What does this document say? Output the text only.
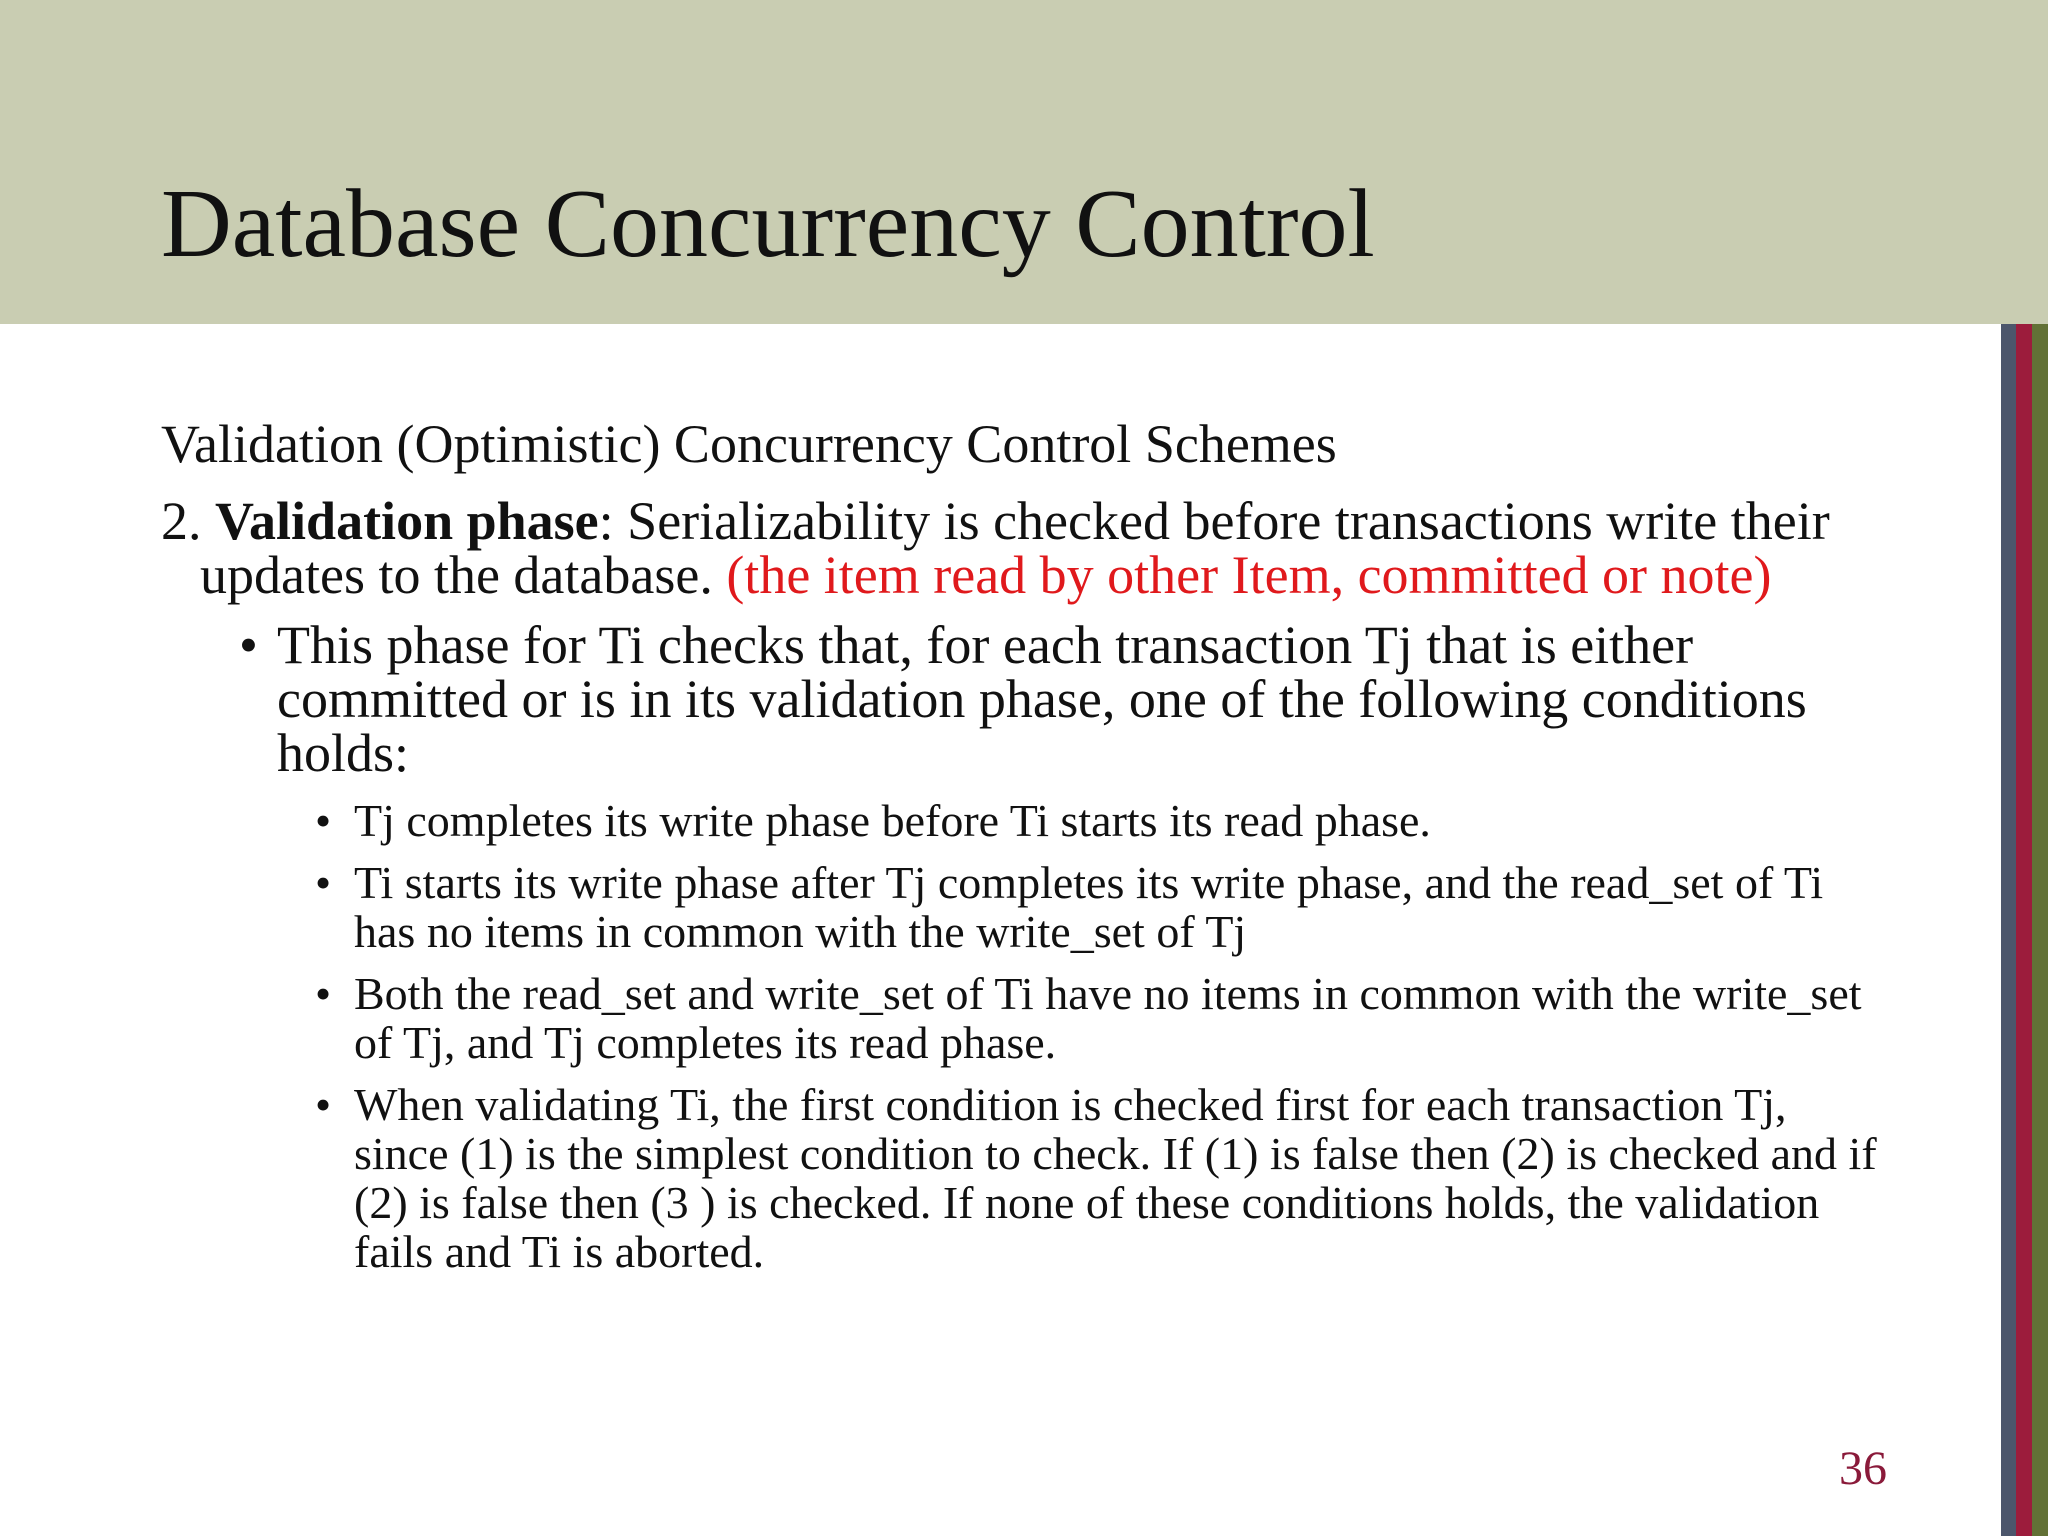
Database Concurrency Control

Validation (Optimistic) Concurrency Control Schemes

2. Validation phase: Serializability is checked before transactions write their updates to the database. (the item read by other Item, committed or note)

• This phase for Ti checks that, for each transaction Tj that is either committed or is in its validation phase, one of the following conditions holds:

• Tj completes its write phase before Ti starts its read phase.

• Ti starts its write phase after Tj completes its write phase, and the read_set of Ti has no items in common with the write_set of Tj

• Both the read_set and write_set of Ti have no items in common with the write_set of Tj, and Tj completes its read phase.

• When validating Ti, the first condition is checked first for each transaction Tj, since (1) is the simplest condition to check. If (1) is false then (2) is checked and if (2) is false then (3 ) is checked. If none of these conditions holds, the validation fails and Ti is aborted.

36
